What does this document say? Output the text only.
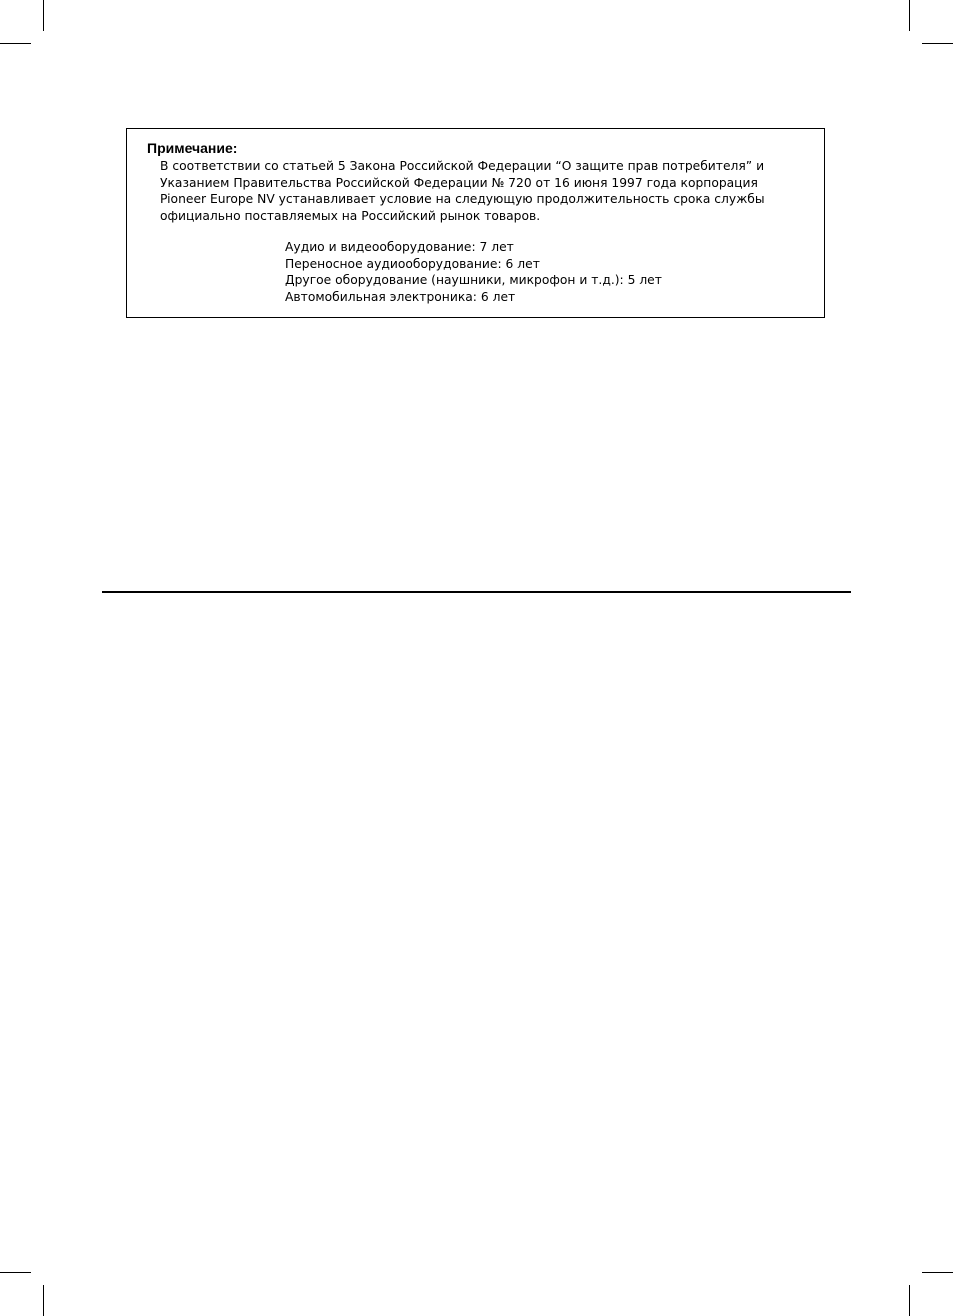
Примечание:
В соответствии со статьей 5 Закона Российской Федерации “О защите прав потребителя” и
Указанием Правительства Российской Федерации № 720 от 16 июня 1997 года корпорация
Pioneer Europe NV устанавливает условие на следующую продолжительность срока службы
официально поставляемых на Российский рынок товаров.
Аудио и видеооборудование: 7 лет
Переносное аудиооборудование: 6 лет
Другое оборудование (наушники, микрофон и т.д.): 5 лет
Автомобильная электроника: 6 лет
